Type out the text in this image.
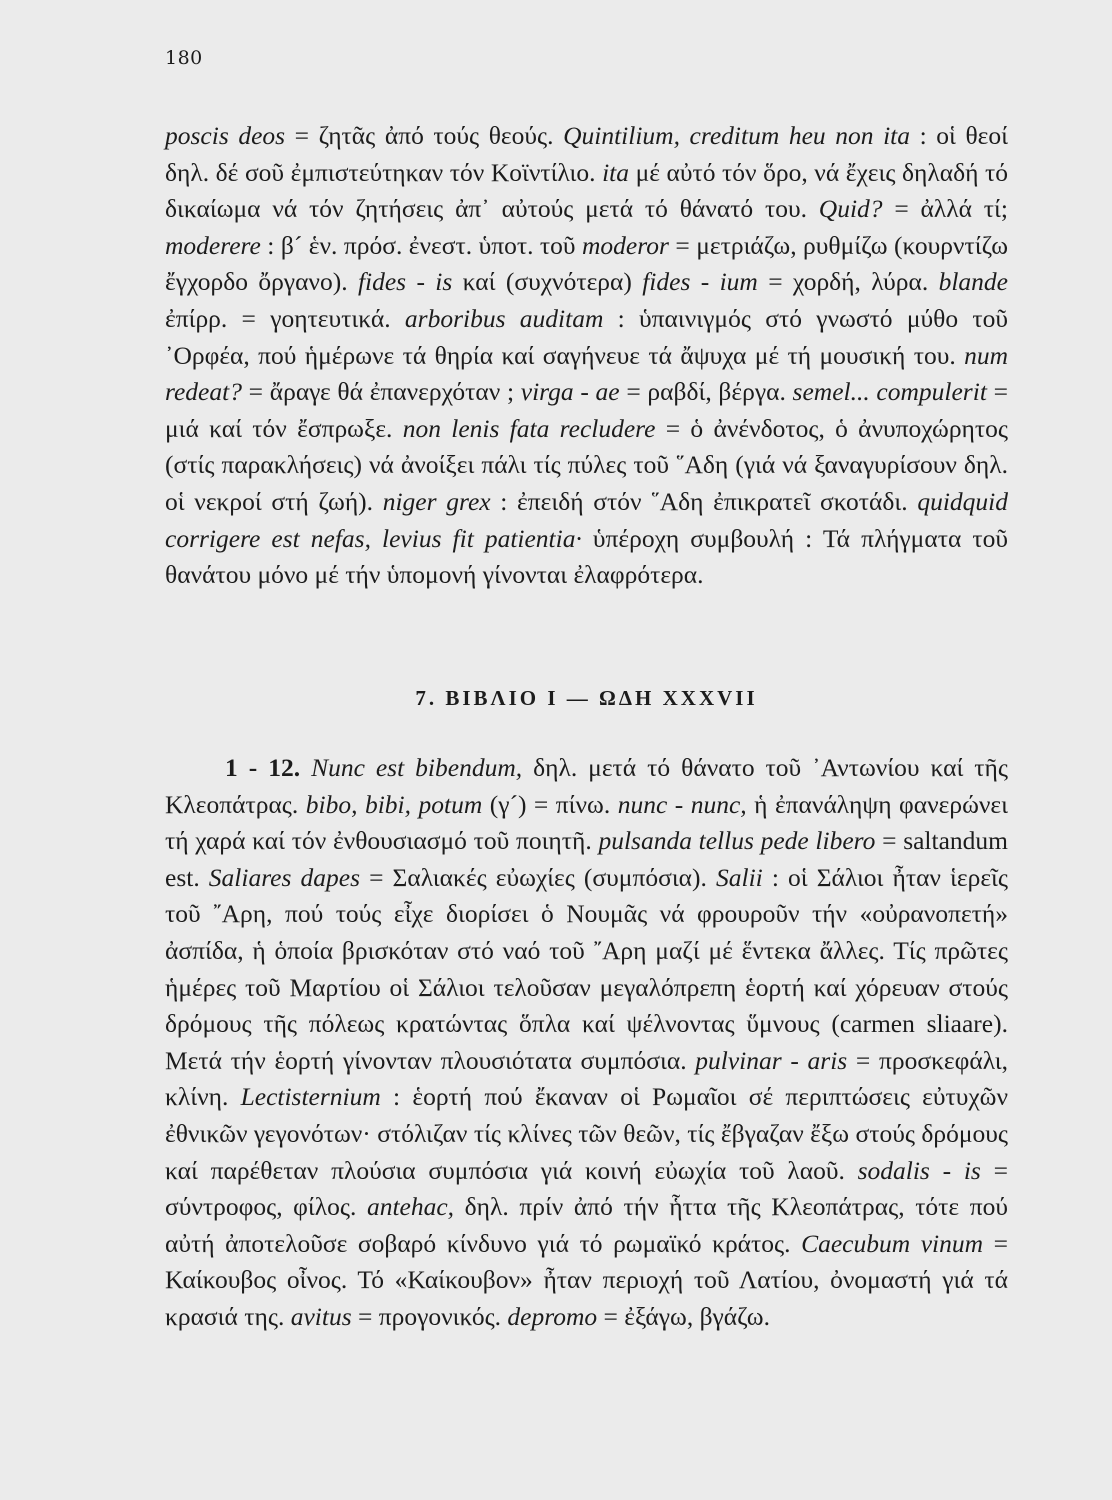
180
poscis deos = ζητᾶς ἀπό τούς θεούς. Quintilium, creditum heu non ita : οἱ θεοί δηλ. δέ σοῦ ἐμπιστεύτηκαν τόν Κοϊντίλιο. ita μέ αὐτό τόν ὅρο, νά ἔχεις δηλαδή τό δικαίωμα νά τόν ζητήσεις ἀπ᾽ αὐτούς μετά τό θάνατό του. Quid? = ἀλλά τί; moderere : β´ ἑν. πρόσ. ἐνεστ. ὑποτ. τοῦ moderor = μετριάζω, ρυθμίζω (κουρντίζω ἔγχορδο ὄργανο). fides - is καί (συχνότερα) fides - ium = χορδή, λύρα. blande ἐπίρρ. = γοητευτικά. arboribus auditam : ὑπαινιγμός στό γνωστό μύθο τοῦ ᾽Ορφέα, πού ἡμέρωνε τά θηρία καί σαγήνευε τά ἄψυχα μέ τή μουσική του. num redeat? = ἄραγε θά ἐπανερχόταν ; virga - ae = ραβδί, βέργα. semel... compulerit = μιά καί τόν ἔσπρωξε. non lenis fata recludere = ὁ ἀνένδοτος, ὁ ἀνυποχώρητος (στίς παρακλήσεις) νά ἀνοίξει πάλι τίς πύλες τοῦ ῞Αδη (γιά νά ξαναγυρίσουν δηλ. οἱ νεκροί στή ζωή). niger grex : ἐπειδή στόν ῞Αδη ἐπικρατεῖ σκοτάδι. quidquid corrigere est nefas, levius fit patientia· ὑπέροχη συμβουλή : Τά πλήγματα τοῦ θανάτου μόνο μέ τήν ὑπομονή γίνονται ἐλαφρότερα.
7. ΒΙΒΛΙΟ Ι — ΩΔΗ XXXVII
1 - 12. Nunc est bibendum, δηλ. μετά τό θάνατο τοῦ ᾽Αντωνίου καί τῆς Κλεοπάτρας. bibo, bibi, potum (γ´) = πίνω. nunc - nunc, ἡ ἐπανάληψη φανερώνει τή χαρά καί τόν ἐνθουσιασμό τοῦ ποιητῆ. pulsanda tellus pede libero = saltandum est. Saliares dapes = Σαλιακές εὐωχίες (συμπόσια). Salii : οἱ Σάλιοι ἦταν ἱερεῖς τοῦ ῎Αρη, πού τούς εἶχε διορίσει ὁ Νουμᾶς νά φρουροῦν τήν «οὐρανοπετή» ἀσπίδα, ἡ ὁποία βρισκόταν στό ναό τοῦ ῎Αρη μαζί μέ ἕντεκα ἄλλες. Τίς πρῶτες ἡμέρες τοῦ Μαρτίου οἱ Σάλιοι τελοῦσαν μεγαλόπρεπη ἑορτή καί χόρευαν στούς δρόμους τῆς πόλεως κρατώντας ὅπλα καί ψέλνοντας ὕμνους (carmen sliaare). Μετά τήν ἑορτή γίνονταν πλουσιότατα συμπόσια. pulvinar - aris = προσκεφάλι, κλίνη. Lectisternium : ἑορτή πού ἔκαναν οἱ Ρωμαῖοι σέ περιπτώσεις εὐτυχῶν ἐθνικῶν γεγονότων· στόλιζαν τίς κλίνες τῶν θεῶν, τίς ἔβγαζαν ἔξω στούς δρόμους καί παρέθεταν πλούσια συμπόσια γιά κοινή εὐωχία τοῦ λαοῦ. sodalis - is = σύντροφος, φίλος. antehac, δηλ. πρίν ἀπό τήν ἧττα τῆς Κλεοπάτρας, τότε πού αὐτή ἀποτελοῦσε σοβαρό κίνδυνο γιά τό ρωμαϊκό κράτος. Caecubum vinum = Καίκουβος οἶνος. Τό «Καίκουβον» ἦταν περιοχή τοῦ Λατίου, ὀνομαστή γιά τά κρασιά της. avitus = προγονικός. depromo = ἐξάγω, βγάζω.
